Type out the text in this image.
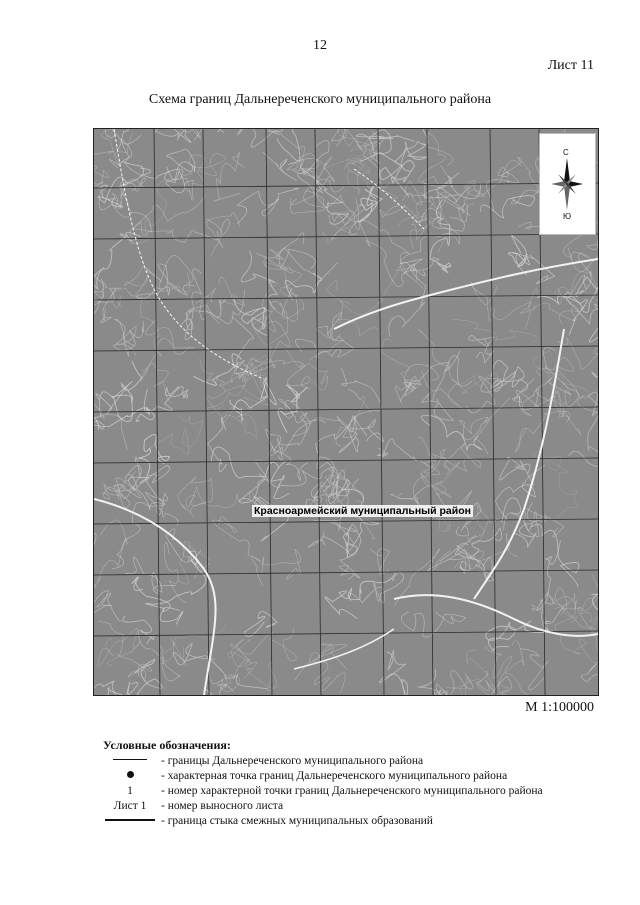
12
Лист 11
Схема границ Дальнереченского муниципального района
Красноармейский муниципальный район
С
Ю
М 1:100000
Условные обозначения:
- границы Дальнереченского муниципального района
- характерная точка границ Дальнереченского муниципального района
1	- номер характерной точки границ Дальнереченского муниципального района
Лист 1	- номер выносного листа
- граница стыка смежных муниципальных образований
